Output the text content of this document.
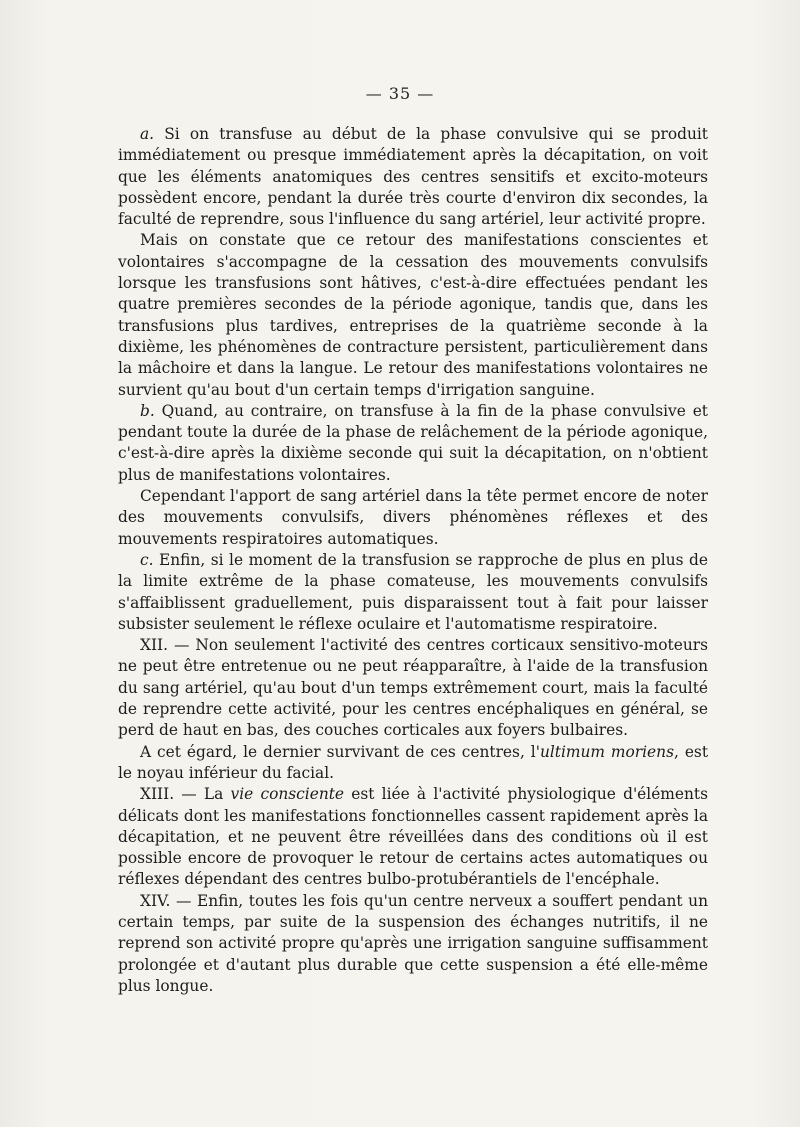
— 35 —

a. Si on transfuse au début de la phase convulsive qui se produit immédiatement ou presque immédiatement après la décapitation, on voit que les éléments anatomiques des centres sensitifs et excito-moteurs possèdent encore, pendant la durée très courte d'environ dix secondes, la faculté de reprendre, sous l'influence du sang artériel, leur activité propre.

Mais on constate que ce retour des manifestations conscientes et volontaires s'accompagne de la cessation des mouvements convulsifs lorsque les transfusions sont hâtives, c'est-à-dire effectuées pendant les quatre premières secondes de la période agonique, tandis que, dans les transfusions plus tardives, entreprises de la quatrième seconde à la dixième, les phénomènes de contracture persistent, particulièrement dans la mâchoire et dans la langue. Le retour des manifestations volontaires ne survient qu'au bout d'un certain temps d'irrigation sanguine.

b. Quand, au contraire, on transfuse à la fin de la phase convulsive et pendant toute la durée de la phase de relâchement de la période agonique, c'est-à-dire après la dixième seconde qui suit la décapitation, on n'obtient plus de manifestations volontaires.

Cependant l'apport de sang artériel dans la tête permet encore de noter des mouvements convulsifs, divers phénomènes réflexes et des mouvements respiratoires automatiques.

c. Enfin, si le moment de la transfusion se rapproche de plus en plus de la limite extrême de la phase comateuse, les mouvements convulsifs s'affaiblissent graduellement, puis disparaissent tout à fait pour laisser subsister seulement le réflexe oculaire et l'automatisme respiratoire.

XII. — Non seulement l'activité des centres corticaux sensitivo-moteurs ne peut être entretenue ou ne peut réapparaître, à l'aide de la transfusion du sang artériel, qu'au bout d'un temps extrêmement court, mais la faculté de reprendre cette activité, pour les centres encéphaliques en général, se perd de haut en bas, des couches corticales aux foyers bulbaires.

A cet égard, le dernier survivant de ces centres, l'ultimum moriens, est le noyau inférieur du facial.

XIII. — La vie consciente est liée à l'activité physiologique d'éléments délicats dont les manifestations fonctionnelles cassent rapidement après la décapitation, et ne peuvent être réveillées dans des conditions où il est possible encore de provoquer le retour de certains actes automatiques ou réflexes dépendant des centres bulbo-protubérantiels de l'encéphale.

XIV. — Enfin, toutes les fois qu'un centre nerveux a souffert pendant un certain temps, par suite de la suspension des échanges nutritifs, il ne reprend son activité propre qu'après une irrigation sanguine suffisamment prolongée et d'autant plus durable que cette suspension a été elle-même plus longue.
